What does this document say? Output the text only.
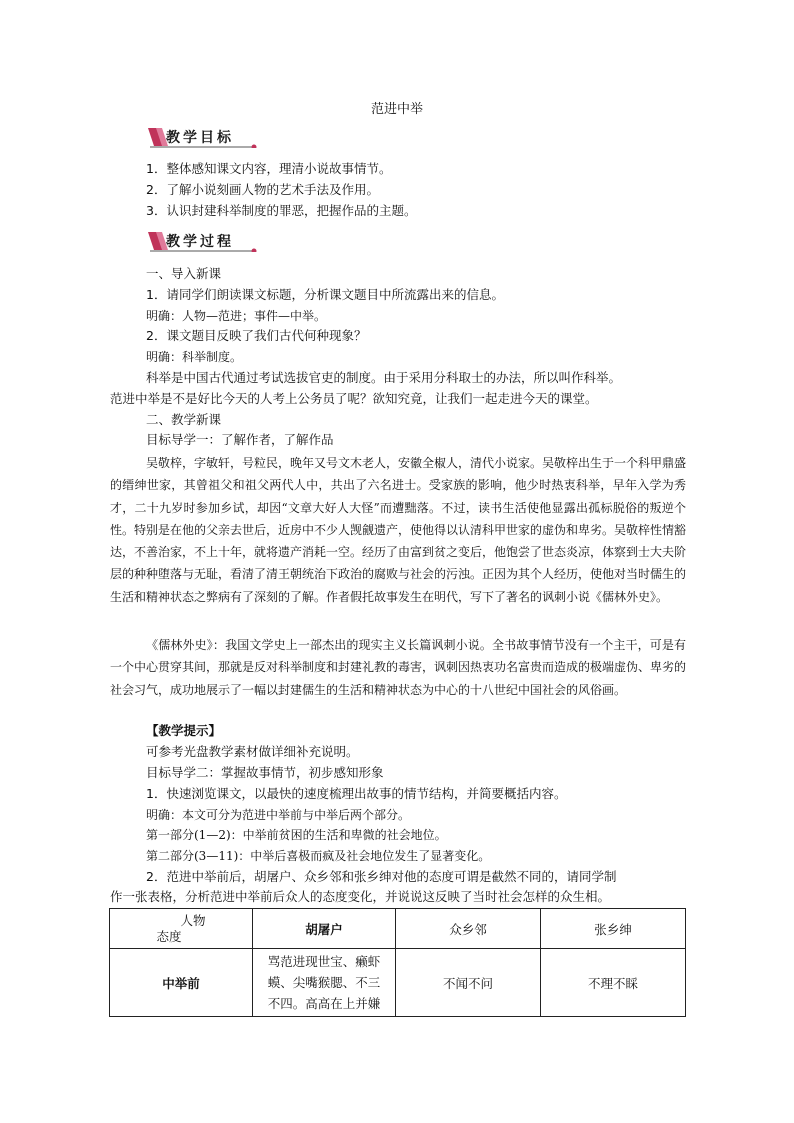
范进中举
教学目标
1．整体感知课文内容，理清小说故事情节。
2．了解小说刻画人物的艺术手法及作用。
3．认识封建科举制度的罪恶，把握作品的主题。
教学过程
一、导入新课
1．请同学们朗读课文标题，分析课文题目中所流露出来的信息。
明确：人物—范进；事件—中举。
2．课文题目反映了我们古代何种现象？
明确：科举制度。
科举是中国古代通过考试选拔官吏的制度。由于采用分科取士的办法，所以叫作科举。
范进中举是不是好比今天的人考上公务员了呢？欲知究竟，让我们一起走进今天的课堂。
二、教学新课
目标导学一：了解作者，了解作品
吴敬梓，字敏轩，号粒民，晚年又号文木老人，安徽全椒人，清代小说家。吴敬梓出生于一个科甲鼎盛的缙绅世家，其曾祖父和祖父两代人中，共出了六名进士。受家族的影响，他少时热衷科举，早年入学为秀才，二十九岁时参加乡试，却因“文章大好人大怪”而遭黜落。不过，读书生活使他显露出孤标脱俗的叛逆个性。特别是在他的父亲去世后，近房中不少人觊觎遗产，使他得以认清科甲世家的虚伪和卑劣。吴敬梓性情豁达，不善治家，不上十年，就将遗产消耗一空。经历了由富到贫之变后，他饱尝了世态炎凉，体察到士大夫阶层的种种堕落与无耻，看清了清王朝统治下政治的腐败与社会的污浊。正因为其个人经历，使他对当时儒生的生活和精神状态之弊病有了深刻的了解。作者假托故事发生在明代，写下了著名的讽刺小说《儒林外史》。
《儒林外史》：我国文学史上一部杰出的现实主义长篇讽刺小说。全书故事情节没有一个主干，可是有一个中心贯穿其间，那就是反对科举制度和封建礼教的毒害，讽刺因热衷功名富贵而造成的极端虚伪、卑劣的社会习气，成功地展示了一幅以封建儒生的生活和精神状态为中心的十八世纪中国社会的风俗画。
【教学提示】
可参考光盘教学素材做详细补充说明。
目标导学二：掌握故事情节，初步感知形象
1．快速浏览课文，以最快的速度梳理出故事的情节结构，并简要概括内容。
明确：本文可分为范进中举前与中举后两个部分。
第一部分(1—2)：中举前贫困的生活和卑微的社会地位。
第二部分(3—11)：中举后喜极而疯及社会地位发生了显著变化。
2．范进中举前后，胡屠户、众乡邻和张乡绅对他的态度可谓是截然不同的，请同学制
作一张表格，分析范进中举前后众人的态度变化，并说说这反映了当时社会怎样的众生相。
人物
态度	胡屠户	众乡邻	张乡绅
中举前	骂范进现世宝、癞虾
蟆、尖嘴猴腮、不三
不四。高高在上并嫌	不闻不问	不理不睬
